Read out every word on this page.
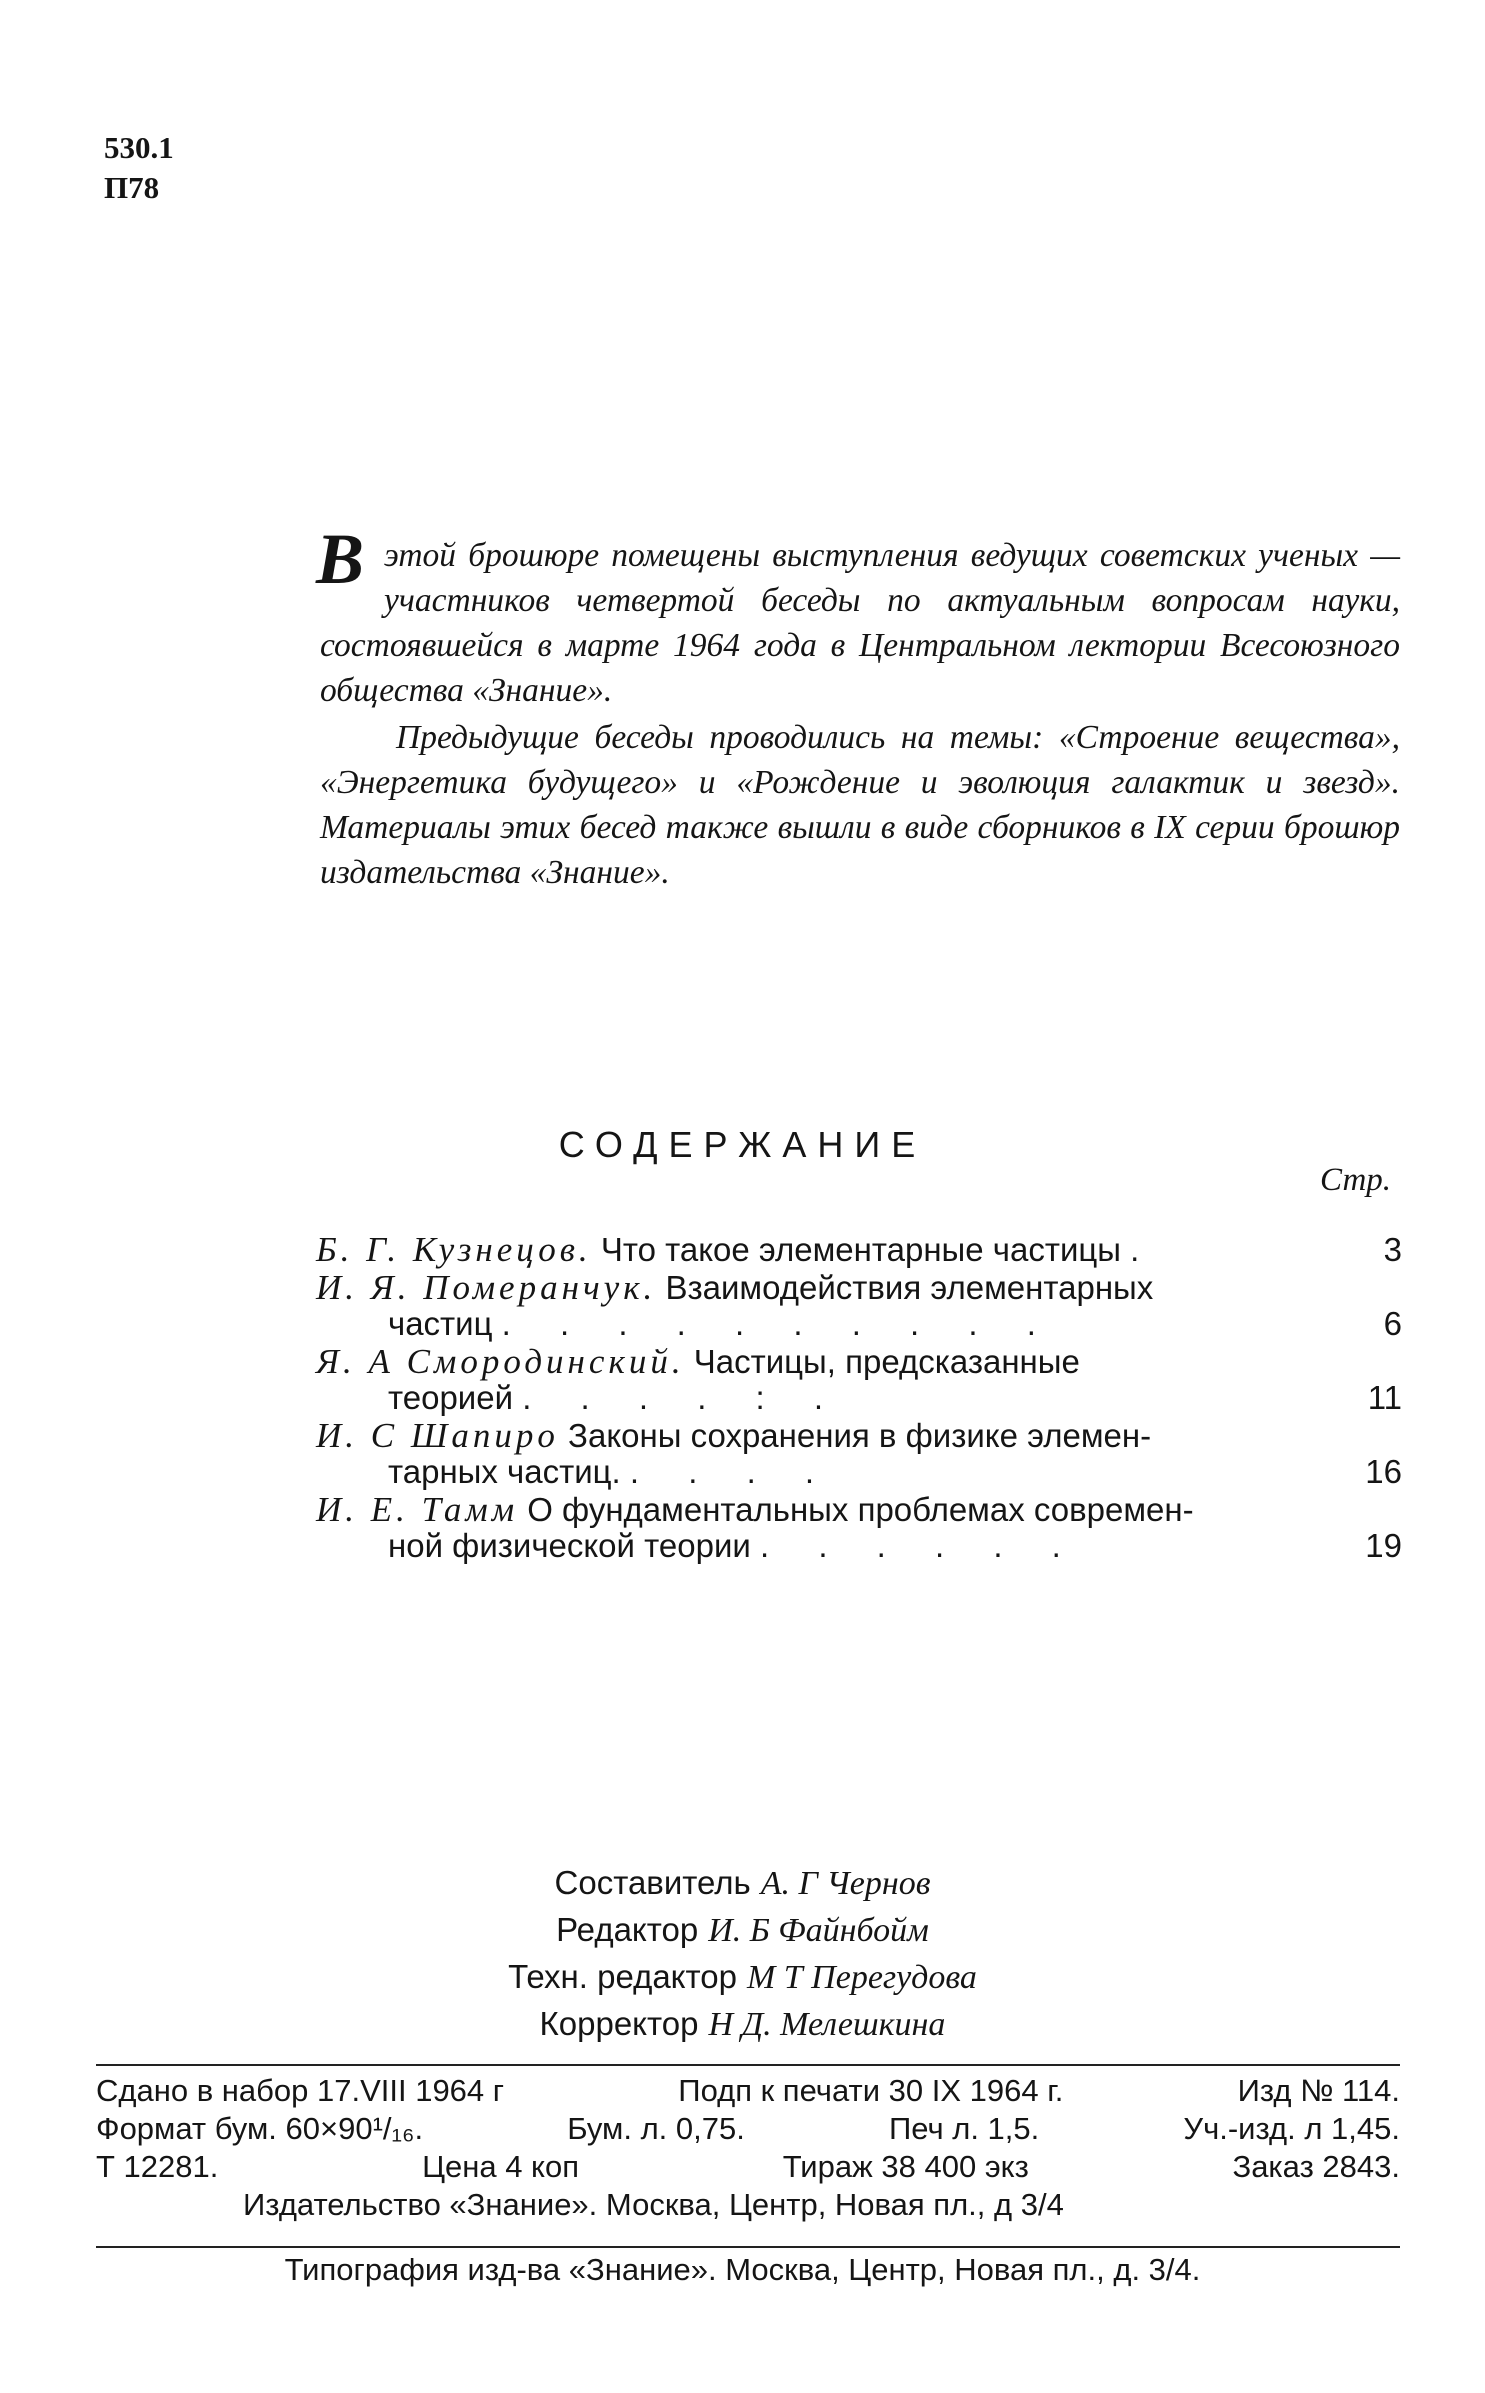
530.1
П78

В этой брошюре помещены выступления ведущих советских ученых — участников четвертой беседы по актуальным вопросам науки, состоявшейся в марте 1964 года в Центральном лектории Всесоюзного общества «Знание».

Предыдущие беседы проводились на темы: «Строение вещества», «Энергетика будущего» и «Рождение и эволюция галактик и звезд». Материалы этих бесед также вышли в виде сборников в IX серии брошюр издательства «Знание».

СОДЕРЖАНИЕ
Стр.
Б. Г. Кузнецов. Что такое элементарные частицы .	3
И. Я. Померанчук. Взаимодействия элементарных
частиц . . . . . . . . . .	6
Я. А Смородинский. Частицы, предсказанные
теорией . . . . : .	11
И. С Шапиро Законы сохранения в физике элемен-
тарных частиц. . . . .	16
И. Е. Тамм О фундаментальных проблемах современ-
ной физической теории . . . . . .	19
Составитель А. Г Чернов
Редактор И. Б Файнбойм
Техн. редактор М Т Перегудова
Корректор Н Д. Мелешкина
Сдано в набор 17.VIII 1964 г	Подп к печати 30 IX 1964 г.	Изд № 114.
Формат бум. 60×90¹/₁₆.	Бум. л. 0,75.	Печ л. 1,5.	Уч.-изд. л 1,45.
Т 12281.	Цена 4 коп	Тираж 38 400 экз	Заказ 2843.
Издательство «Знание». Москва, Центр, Новая пл., д 3/4
Типография изд-ва «Знание». Москва, Центр, Новая пл., д. 3/4.
